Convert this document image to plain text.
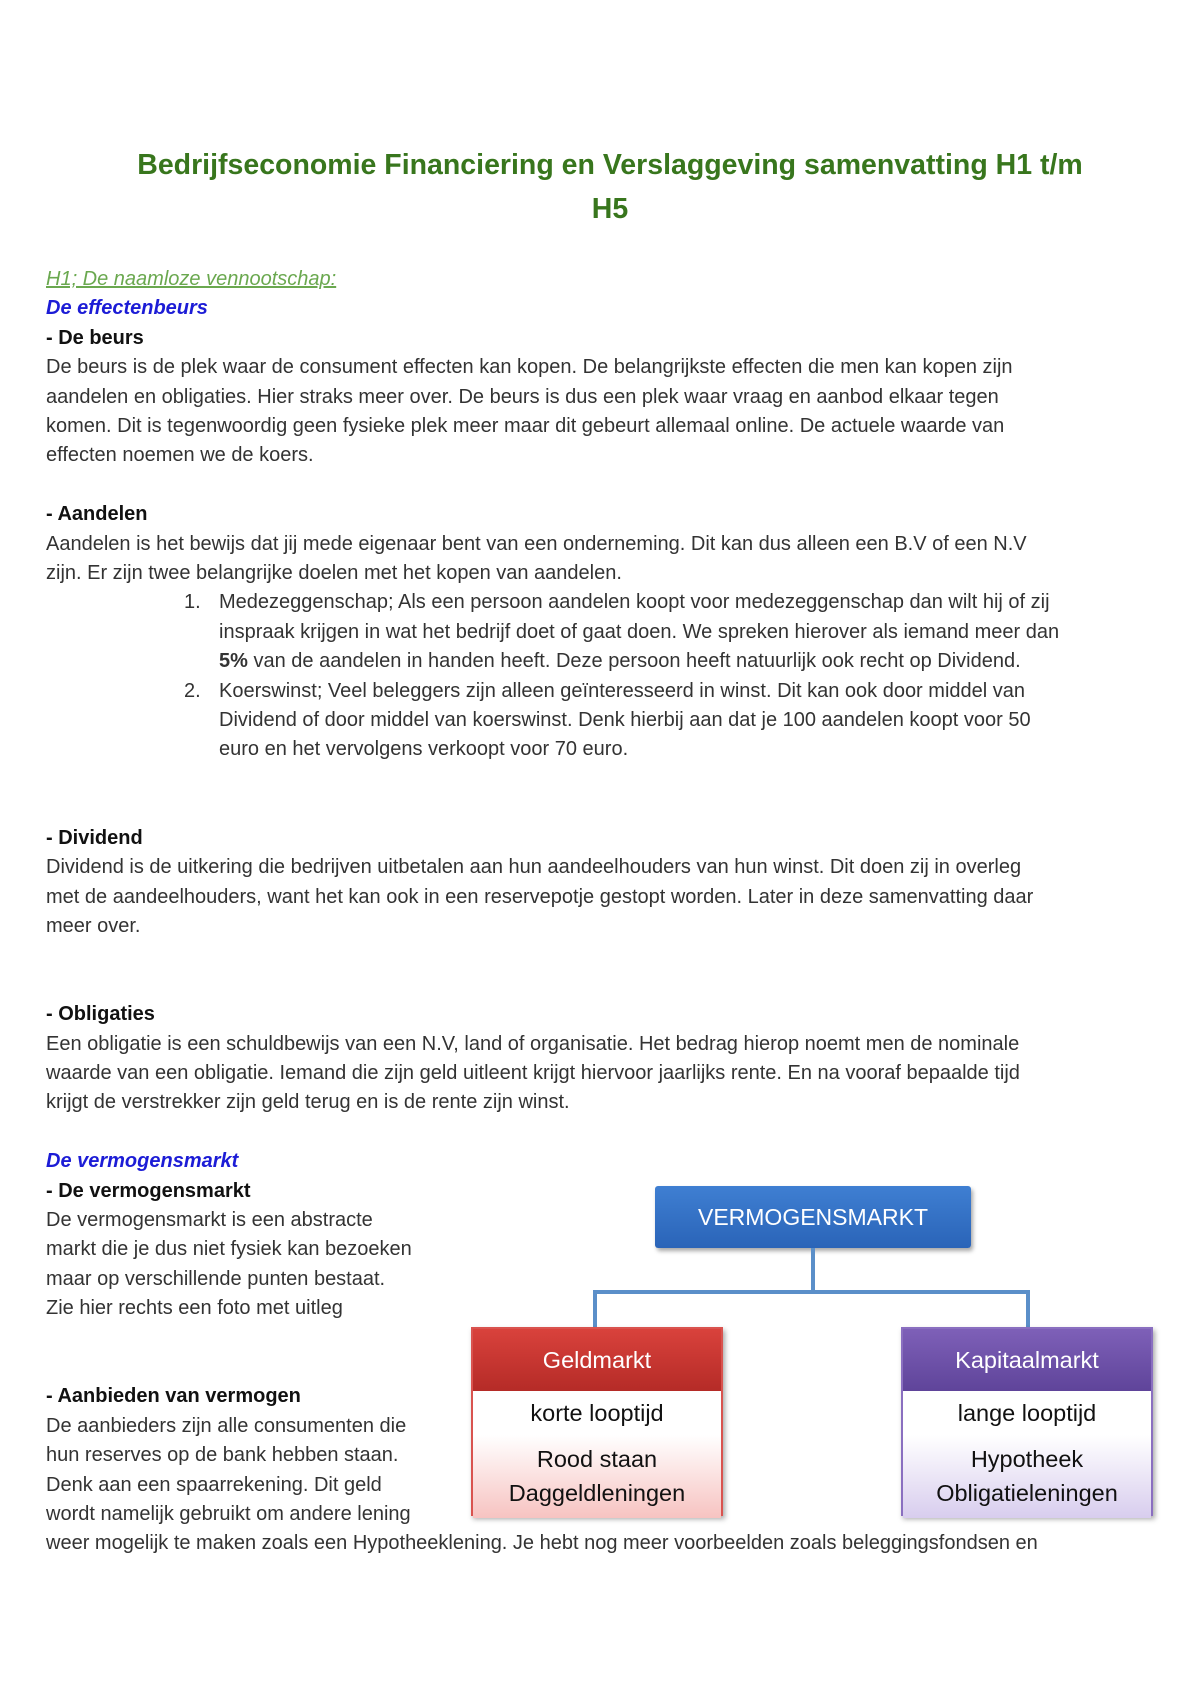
Bedrijfseconomie Financiering en Verslaggeving samenvatting H1 t/m
H5

H1; De naamloze vennootschap:

De effectenbeurs

- De beurs

De beurs is de plek waar de consument effecten kan kopen. De belangrijkste effecten die men kan kopen zijn

aandelen en obligaties. Hier straks meer over. De beurs is dus een plek waar vraag en aanbod elkaar tegen

komen. Dit is tegenwoordig geen fysieke plek meer maar dit gebeurt allemaal online. De actuele waarde van

effecten noemen we de koers.

- Aandelen

Aandelen is het bewijs dat jij mede eigenaar bent van een onderneming. Dit kan dus alleen een B.V of een N.V

zijn. Er zijn twee belangrijke doelen met het kopen van aandelen.

1. Medezeggenschap; Als een persoon aandelen koopt voor medezeggenschap dan wilt hij of zij

inspraak krijgen in wat het bedrijf doet of gaat doen. We spreken hierover als iemand meer dan

5% van de aandelen in handen heeft. Deze persoon heeft natuurlijk ook recht op Dividend.

2. Koerswinst; Veel beleggers zijn alleen geïnteresseerd in winst. Dit kan ook door middel van

Dividend of door middel van koerswinst. Denk hierbij aan dat je 100 aandelen koopt voor 50

euro en het vervolgens verkoopt voor 70 euro.

- Dividend

Dividend is de uitkering die bedrijven uitbetalen aan hun aandeelhouders van hun winst. Dit doen zij in overleg

met de aandeelhouders, want het kan ook in een reservepotje gestopt worden. Later in deze samenvatting daar

meer over.

- Obligaties

Een obligatie is een schuldbewijs van een N.V, land of organisatie. Het bedrag hierop noemt men de nominale

waarde van een obligatie. Iemand die zijn geld uitleent krijgt hiervoor jaarlijks rente. En na vooraf bepaalde tijd

krijgt de verstrekker zijn geld terug en is de rente zijn winst.

De vermogensmarkt

- De vermogensmarkt

De vermogensmarkt is een abstracte

markt die je dus niet fysiek kan bezoeken

maar op verschillende punten bestaat.

Zie hier rechts een foto met uitleg

- Aanbieden van vermogen

De aanbieders zijn alle consumenten die

hun reserves op de bank hebben staan.

Denk aan een spaarrekening. Dit geld

wordt namelijk gebruikt om andere lening

weer mogelijk te maken zoals een Hypotheeklening. Je hebt nog meer voorbeelden zoals beleggingsfondsen en

VERMOGENSMARKT
Geldmarkt
korte looptijd
Rood staan
Daggeldleningen
Kapitaalmarkt
lange looptijd
Hypotheek
Obligatieleningen
